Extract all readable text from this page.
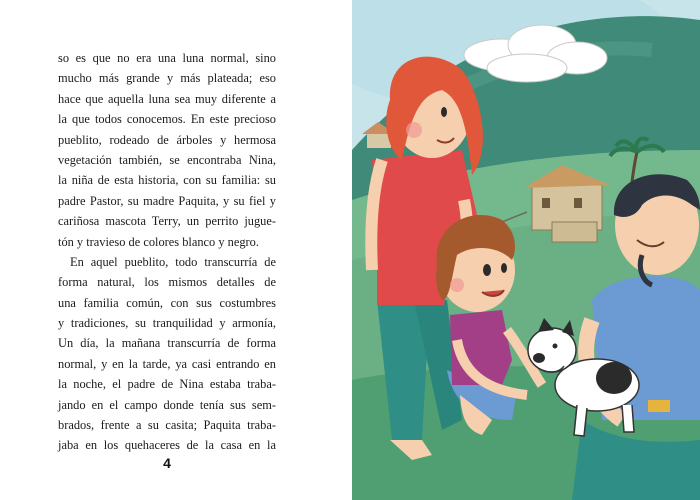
so es que no era una luna normal, sino
mucho más grande y más plateada; eso
hace que aquella luna sea muy diferente a
la que todos conocemos. En este precioso
pueblito, rodeado de árboles y hermosa
vegetación también, se encontraba Nina,
la niña de esta historia, con su familia: su
padre Pastor, su madre Paquita, y su fiel y
cariñosa mascota Terry, un perrito jugue-
tón y travieso de colores blanco y negro.
En aquel pueblito, todo transcurría de
forma natural, los mismos detalles de
una familia común, con sus costumbres
y tradiciones, su tranquilidad y armonía,
Un día, la mañana transcurría de forma
normal, y en la tarde, ya casi entrando en
la noche, el padre de Nina estaba traba-
jando en el campo donde tenía sus sem-
brados, frente a su casita; Paquita traba-
jaba en los quehaceres de la casa en la
4
